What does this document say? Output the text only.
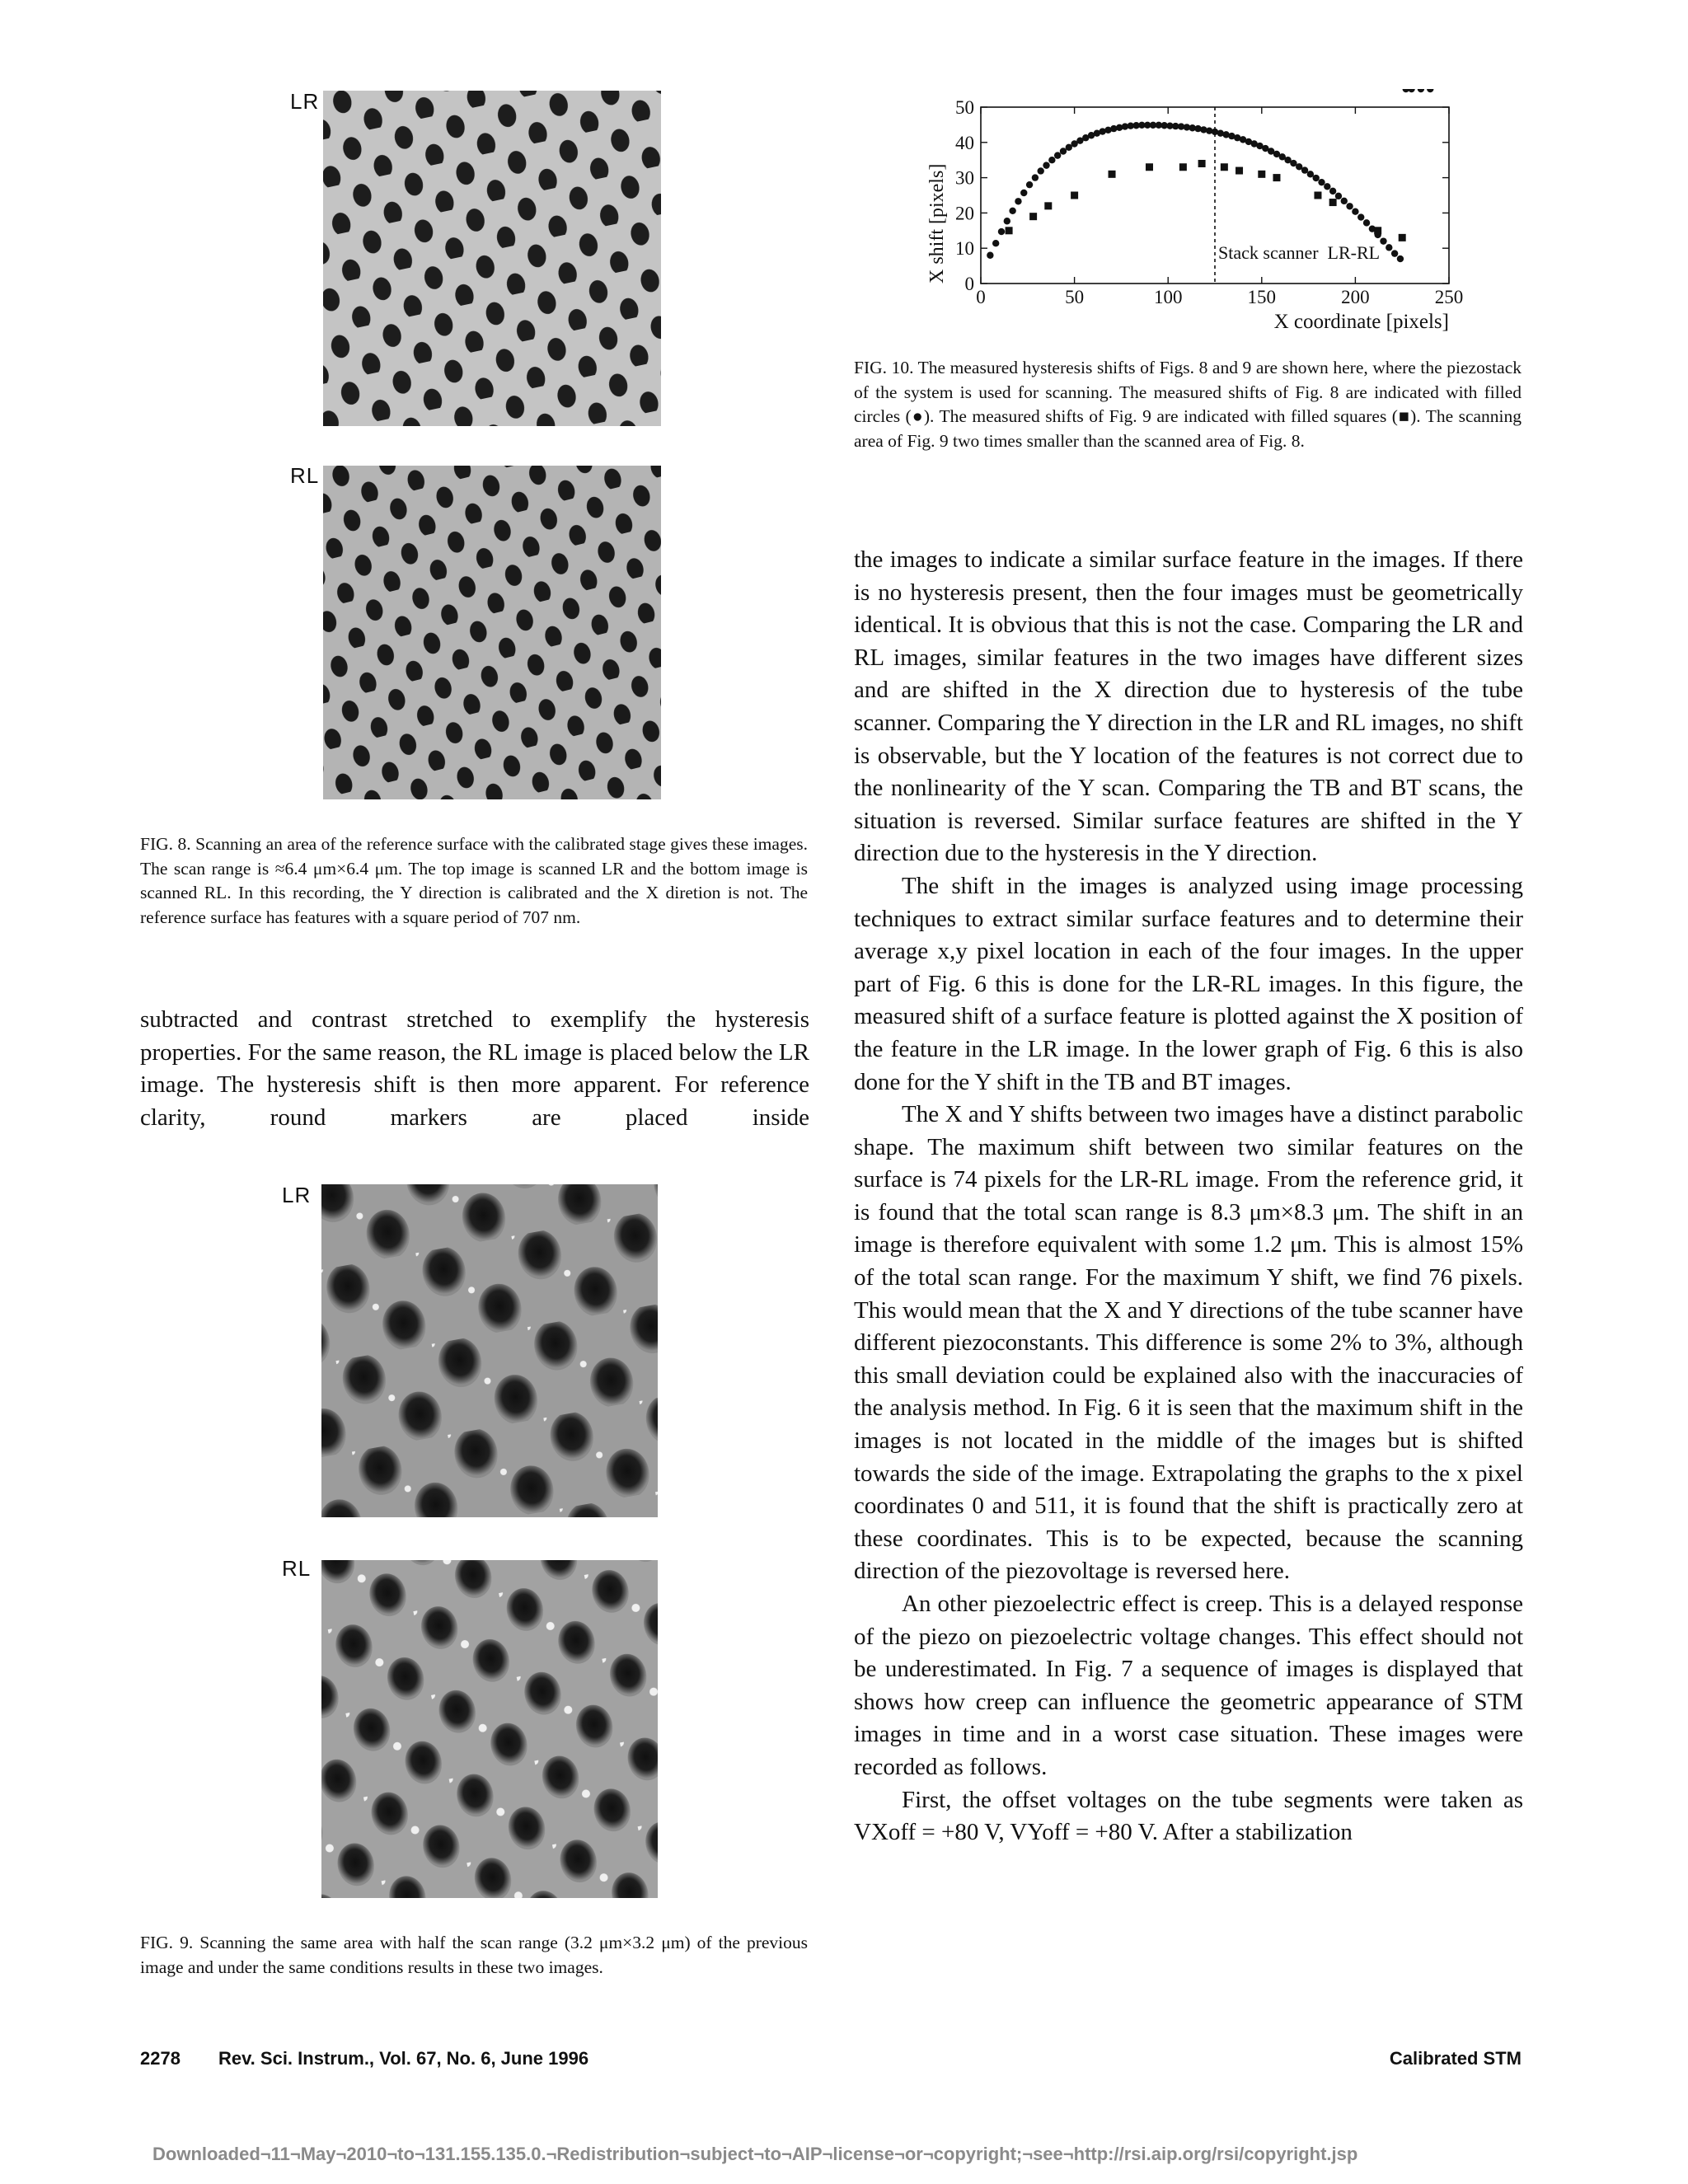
LR
RL
FIG. 8. Scanning an area of the reference surface with the calibrated stage gives these images. The scan range is ≈6.4 μm×6.4 μm. The top image is scanned LR and the bottom image is scanned RL. In this recording, the Y direction is calibrated and the X diretion is not. The reference surface has features with a square period of 707 nm.

subtracted and contrast stretched to exemplify the hysteresis properties. For the same reason, the RL image is placed below the LR image. The hysteresis shift is then more apparent. For reference clarity, round markers are placed inside

LR
RL
FIG. 9. Scanning the same area with half the scan range (3.2 μm×3.2 μm) of the previous image and under the same conditions results in these two images.
0	50	100	150	200	250
0
10
20
30
40
50
Stack scanner  LR-RL
X coordinate [pixels]
X shift [pixels]
FIG. 10. The measured hysteresis shifts of Figs. 8 and 9 are shown here, where the piezostack of the system is used for scanning. The measured shifts of Fig. 8 are indicated with filled circles (●). The measured shifts of Fig. 9 are indicated with filled squares (■). The scanning area of Fig. 9 two times smaller than the scanned area of Fig. 8.

the images to indicate a similar surface feature in the images. If there is no hysteresis present, then the four images must be geometrically identical. It is obvious that this is not the case. Comparing the LR and RL images, similar features in the two images have different sizes and are shifted in the X direction due to hysteresis of the tube scanner. Comparing the Y direction in the LR and RL images, no shift is observable, but the Y location of the features is not correct due to the nonlinearity of the Y scan. Comparing the TB and BT scans, the situation is reversed. Similar surface features are shifted in the Y direction due to the hysteresis in the Y direction.

The shift in the images is analyzed using image processing techniques to extract similar surface features and to determine their average x,y pixel location in each of the four images. In the upper part of Fig. 6 this is done for the LR-RL images. In this figure, the measured shift of a surface feature is plotted against the X position of the feature in the LR image. In the lower graph of Fig. 6 this is also done for the Y shift in the TB and BT images.

The X and Y shifts between two images have a distinct parabolic shape. The maximum shift between two similar features on the surface is 74 pixels for the LR-RL image. From the reference grid, it is found that the total scan range is 8.3 μm×8.3 μm. The shift in an image is therefore equivalent with some 1.2 μm. This is almost 15% of the total scan range. For the maximum Y shift, we find 76 pixels. This would mean that the X and Y directions of the tube scanner have different piezoconstants. This difference is some 2% to 3%, although this small deviation could be explained also with the inaccuracies of the analysis method. In Fig. 6 it is seen that the maximum shift in the images is not located in the middle of the images but is shifted towards the side of the image. Extrapolating the graphs to the x pixel coordinates 0 and 511, it is found that the shift is practically zero at these coordinates. This is to be expected, because the scanning direction of the piezovoltage is reversed here.

An other piezoelectric effect is creep. This is a delayed response of the piezo on piezoelectric voltage changes. This effect should not be underestimated. In Fig. 7 a sequence of images is displayed that shows how creep can influence the geometric appearance of STM images in time and in a worst case situation. These images were recorded as follows.

First, the offset voltages on the tube segments were taken as VXoff = +80 V, VYoff = +80 V. After a stabilization

2278 Rev. Sci. Instrum., Vol. 67, No. 6, June 1996	Calibrated STM
Downloaded¬11¬May¬2010¬to¬131.155.135.0.¬Redistribution¬subject¬to¬AIP¬license¬or¬copyright;¬see¬http://rsi.aip.org/rsi/copyright.jsp
